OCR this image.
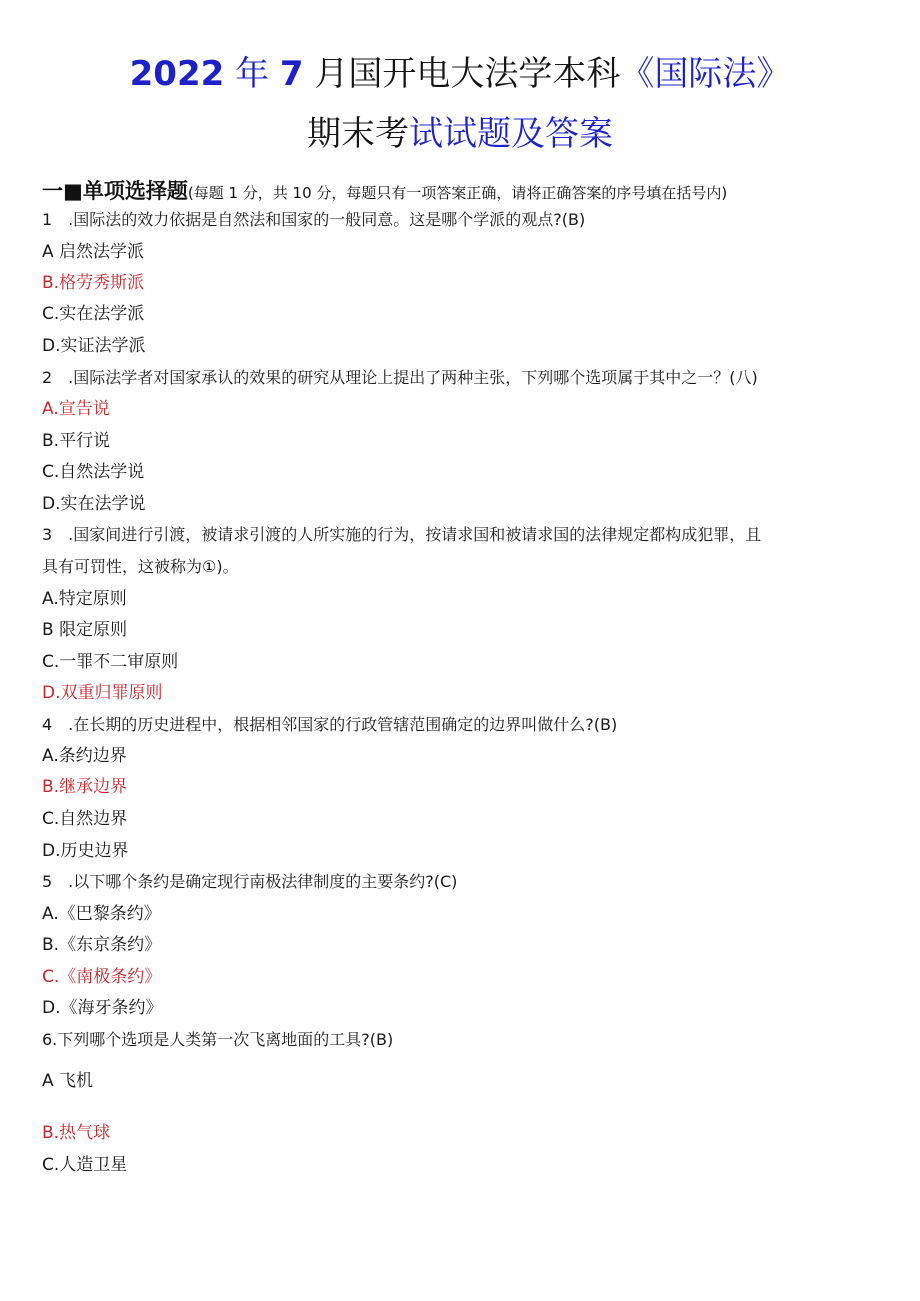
2022 年 7 月国开电大法学本科《国际法》
期末考试试题及答案
一■单项选择题(每题 1 分，共 10 分，每题只有一项答案正确，请将正确答案的序号填在括号内)
1　.国际法的效力依据是自然法和国家的一般同意。这是哪个学派的观点?(B)
A 启然法学派
B.格劳秀斯派
C.实在法学派
D.实证法学派
2　.国际法学者对国家承认的效果的研究从理论上提出了两种主张，下列哪个选项属于其中之一？(八)
A.宣告说
B.平行说
C.自然法学说
D.实在法学说
3　.国家间进行引渡，被请求引渡的人所实施的行为，按请求国和被请求国的法律规定都构成犯罪，且
具有可罚性，这被称为①)。
A.特定原则
B 限定原则
C.一罪不二审原则
D.双重归罪原则
4　.在长期的历史进程中，根据相邻国家的行政管辖范围确定的边界叫做什么?(B)
A.条约边界
B.继承边界
C.自然边界
D.历史边界
5　.以下哪个条约是确定现行南极法律制度的主要条约?(C)
A.《巴黎条约》
B.《东京条约》
C.《南极条约》
D.《海牙条约》
6.下列哪个选项是人类第一次飞离地面的工具?(B)
A 飞机
B.热气球
C.人造卫星
